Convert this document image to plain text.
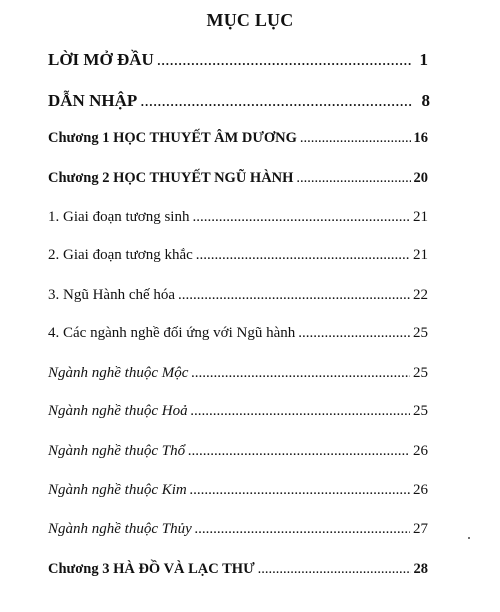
MỤC LỤC
LỜI MỞ ĐẦU .....	1
DẪN NHẬP .....	8
Chương 1 HỌC THUYẾT ÂM DƯƠNG .....	16
Chương 2 HỌC THUYẾT NGŨ HÀNH .....	20
1. Giai đoạn tương sinh .....	21
2. Giai đoạn tương khắc .....	21
3. Ngũ Hành chế hóa .....	22
4. Các ngành nghề đối ứng với Ngũ hành .....	25
Ngành nghề thuộc Mộc .....	25
Ngành nghề thuộc Hoả .....	25
Ngành nghề thuộc Thổ .....	26
Ngành nghề thuộc Kim .....	26
Ngành nghề thuộc Thủy .....	27
Chương 3 HÀ ĐỒ VÀ LẠC THƯ .....	28
